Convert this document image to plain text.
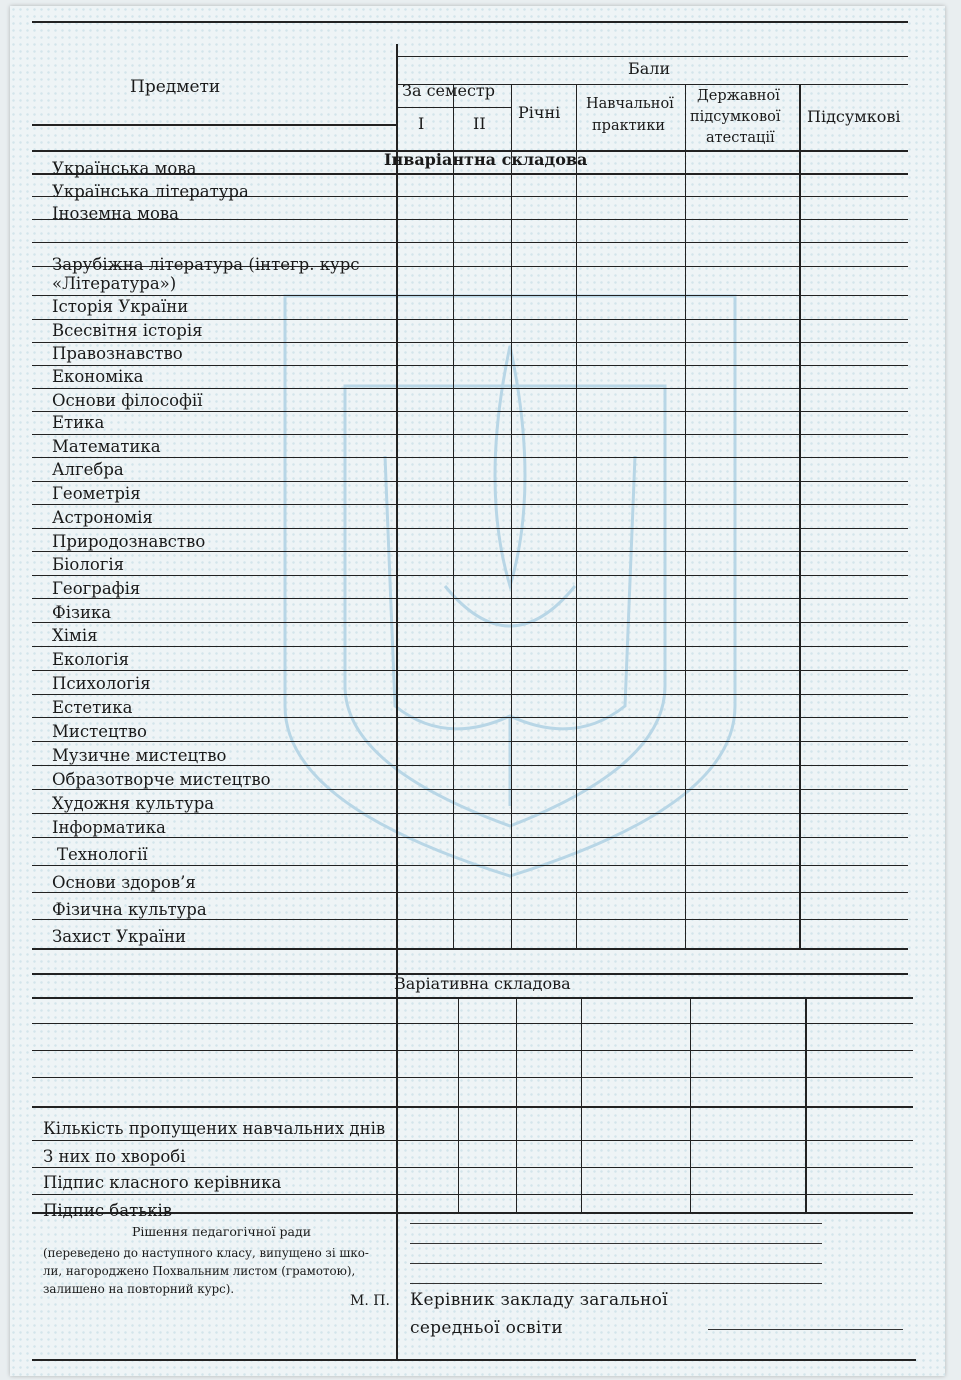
Предмети
Бали
За семестр
I	II
Річні Навчальної
практики
Державної
підсумкової
атестації
Підсумкові
Інваріантна складова
Українська мова
Українська література
Іноземна мова
Зарубіжна література (інтегр. курс
«Література»)
Історія України
Всесвітня історія
Правознавство
Економіка
Основи філософії
Етика
Математика
Алгебра
Геометрія
Астрономія
Природознавство
Біологія
Географія
Фізика
Хімія
Екологія
Психологія
Естетика
Мистецтво
Музичне мистецтво
Образотворче мистецтво
Художня культура
Інформатика
Технології
Основи здоров’я
Фізична культура
Захист України
Варіативна складова
Кількість пропущених навчальних днів
З них по хворобі
Підпис класного керівника
Підпис батьків
Рішення педагогічної ради
(переведено до наступного класу, випущено зі шко-
ли, нагороджено Похвальним листом (грамотою),
залишено на повторний курс).
М. П. Керівник закладу загальної
середньої освіти
